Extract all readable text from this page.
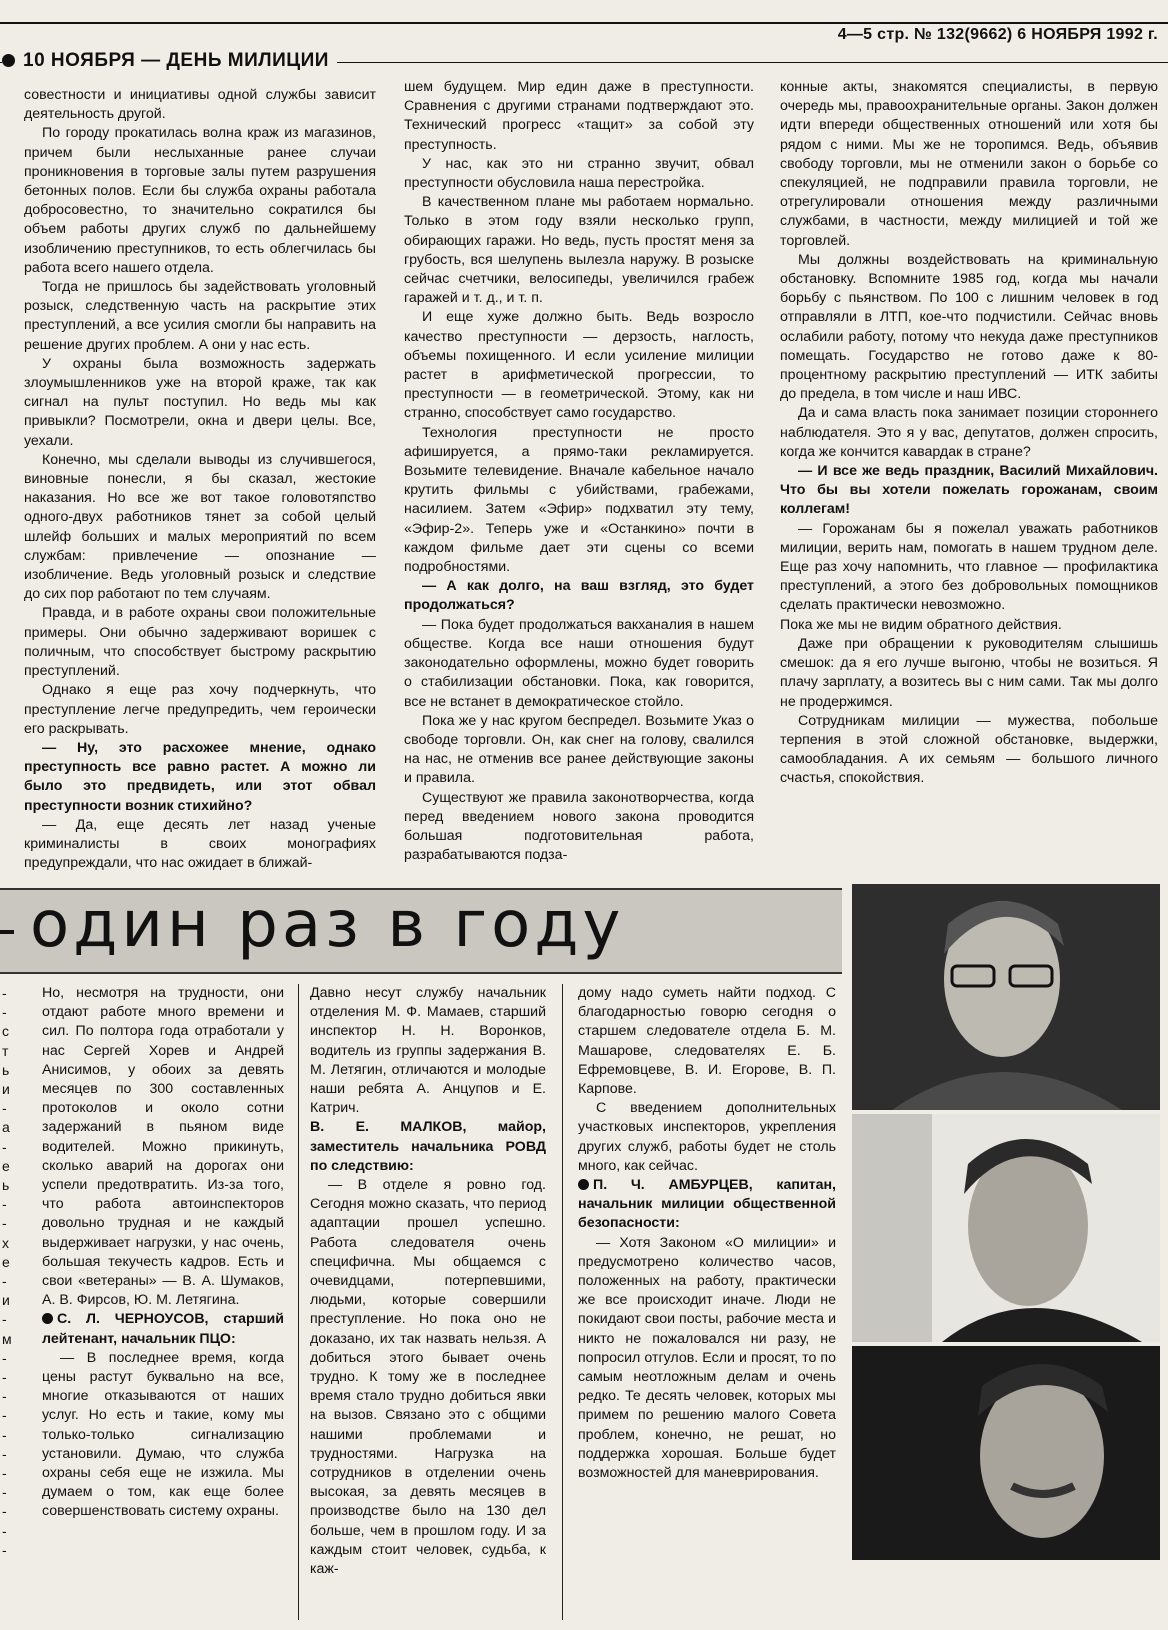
4—5 стр. № 132(9662) 6 НОЯБРЯ 1992 г.
10 НОЯБРЯ — ДЕНЬ МИЛИЦИИ

совестности и инициативы одной службы зависит деятельность другой.

По городу прокатилась волна краж из магазинов, причем были неслыханные ранее случаи проникновения в торговые залы путем разрушения бетонных полов. Если бы служба охраны работала добросовестно, то значительно сократился бы объем работы других служб по дальнейшему изобличению преступников, то есть облегчилась бы работа всего нашего отдела.

Тогда не пришлось бы задействовать уголовный розыск, следственную часть на раскрытие этих преступлений, а все усилия смогли бы направить на решение других проблем. А они у нас есть.

У охраны была возможность задержать злоумышленников уже на второй краже, так как сигнал на пульт поступил. Но ведь мы как привыкли? Посмотрели, окна и двери целы. Все, уехали.

Конечно, мы сделали выводы из случившегося, виновные понесли, я бы сказал, жестокие наказания. Но все же вот такое головотяпство одного-двух работников тянет за собой целый шлейф больших и малых мероприятий по всем службам: привлечение — опознание — изобличение. Ведь уголовный розыск и следствие до сих пор работают по тем случаям.

Правда, и в работе охраны свои положительные примеры. Они обычно задерживают воришек с поличным, что способствует быстрому раскрытию преступлений.

Однако я еще раз хочу подчеркнуть, что преступление легче предупредить, чем героически его раскрывать.

— Ну, это расхожее мнение, однако преступность все равно растет. А можно ли было это предвидеть, или этот обвал преступности возник стихийно?

— Да, еще десять лет назад ученые криминалисты в своих монографиях предупреждали, что нас ожидает в ближай-

шем будущем. Мир един даже в преступности. Сравнения с другими странами подтверждают это. Технический прогресс «тащит» за собой эту преступность.

У нас, как это ни странно звучит, обвал преступности обусловила наша перестройка.

В качественном плане мы работаем нормально. Только в этом году взяли несколько групп, обирающих гаражи. Но ведь, пусть простят меня за грубость, вся шелупень вылезла наружу. В розыске сейчас счетчики, велосипеды, увеличился грабеж гаражей и т. д., и т. п.

И еще хуже должно быть. Ведь возросло качество преступности — дерзость, наглость, объемы похищенного. И если усиление милиции растет в арифметической прогрессии, то преступности — в геометрической. Этому, как ни странно, способствует само государство.

Технология преступности не просто афишируется, а прямо-таки рекламируется. Возьмите телевидение. Вначале кабельное начало крутить фильмы с убийствами, грабежами, насилием. Затем «Эфир» подхватил эту тему, «Эфир-2». Теперь уже и «Останкино» почти в каждом фильме дает эти сцены со всеми подробностями.

— А как долго, на ваш взгляд, это будет продолжаться?

— Пока будет продолжаться вакханалия в нашем обществе. Когда все наши отношения будут законодательно оформлены, можно будет говорить о стабилизации обстановки. Пока, как говорится, все не встанет в демократическое стойло.

Пока же у нас кругом беспредел. Возьмите Указ о свободе торговли. Он, как снег на голову, свалился на нас, не отменив все ранее действующие законы и правила.

Существуют же правила законотворчества, когда перед введением нового закона проводится большая подготовительная работа, разрабатываются подза-

конные акты, знакомятся специалисты, в первую очередь мы, правоохранительные органы. Закон должен идти впереди общественных отношений или хотя бы рядом с ними. Мы же не торопимся. Ведь, объявив свободу торговли, мы не отменили закон о борьбе со спекуляцией, не подправили правила торговли, не отрегулировали отношения между различными службами, в частности, между милицией и той же торговлей.

Мы должны воздействовать на криминальную обстановку. Вспомните 1985 год, когда мы начали борьбу с пьянством. По 100 с лишним человек в год отправляли в ЛТП, кое-что подчистили. Сейчас вновь ослабили работу, потому что некуда даже преступников помещать. Государство не готово даже к 80-процентному раскрытию преступлений — ИТК забиты до предела, в том числе и наш ИВС.

Да и сама власть пока занимает позиции стороннего наблюдателя. Это я у вас, депутатов, должен спросить, когда же кончится кавардак в стране?

— И все же ведь праздник, Василий Михайлович. Что бы вы хотели пожелать горожанам, своим коллегам!

— Горожанам бы я пожелал уважать работников милиции, верить нам, помогать в нашем трудном деле. Еще раз хочу напомнить, что главное — профилактика преступлений, а этого без добровольных помощников сделать практически невозможно.

Пока же мы не видим обратного действия.

Даже при обращении к руководителям слышишь смешок: да я его лучше выгоню, чтобы не возиться. Я плачу зарплату, а возитесь вы с ним сами. Так мы долго не продержимся.

Сотрудникам милиции — мужества, побольше терпения в этой сложной обстановке, выдержки, самообладания. А их семьям — большого личного счастья, спокойствия.

один раз в году
-
-
с
т
ь
и
-
а
-
е
ь
-
-
х
е
-
и
-
м
-
-
-
-
-
-
-
-
-
-
-

Но, несмотря на трудности, они отдают работе много времени и сил. По полтора года отработали у нас Сергей Хорев и Андрей Анисимов, у обоих за девять месяцев по 300 составленных протоколов и около сотни задержаний в пьяном виде водителей. Можно прикинуть, сколько аварий на дорогах они успели предотвратить. Из-за того, что работа автоинспекторов довольно трудная и не каждый выдерживает нагрузки, у нас очень, большая текучесть кадров. Есть и свои «ветераны» — В. А. Шумаков, А. В. Фирсов, Ю. М. Летягина.

С. Л. ЧЕРНОУСОВ, старший лейтенант, начальник ПЦО:

— В последнее время, когда цены растут буквально на все, многие отказываются от наших услуг. Но есть и такие, кому мы только-только сигнализацию установили. Думаю, что служба охраны себя еще не изжила. Мы думаем о том, как еще более совершенствовать систему охраны.

Давно несут службу начальник отделения М. Ф. Мамаев, старший инспектор Н. Н. Воронков, водитель из группы задержания В. М. Летягин, отличаются и молодые наши ребята А. Анцупов и Е. Катрич.

В. Е. МАЛКОВ, майор, заместитель начальника РОВД по следствию:

— В отделе я ровно год. Сегодня можно сказать, что период адаптации прошел успешно. Работа следователя очень специфична. Мы общаемся с очевидцами, потерпевшими, людьми, которые совершили преступление. Но пока оно не доказано, их так назвать нельзя. А добиться этого бывает очень трудно. К тому же в последнее время стало трудно добиться явки на вызов. Связано это с общими нашими проблемами и трудностями. Нагрузка на сотрудников в отделении очень высокая, за девять месяцев в производстве было на 130 дел больше, чем в прошлом году. И за каждым стоит человек, судьба, к каж-

дому надо суметь найти подход. С благодарностью говорю сегодня о старшем следователе отдела Б. М. Машарове, следователях Е. Б. Ефремовцеве, В. И. Егорове, В. П. Карпове.

С введением дополнительных участковых инспекторов, укрепления других служб, работы будет не столь много, как сейчас.

П. Ч. АМБУРЦЕВ, капитан, начальник милиции общественной безопасности:

— Хотя Законом «О милиции» и предусмотрено количество часов, положенных на работу, практически же все происходит иначе. Люди не покидают свои посты, рабочие места и никто не пожаловался ни разу, не попросил отгулов. Если и просят, то по самым неотложным делам и очень редко. Те десять человек, которых мы примем по решению малого Совета проблем, конечно, не решат, но поддержка хорошая. Больше будет возможностей для маневрирования.
